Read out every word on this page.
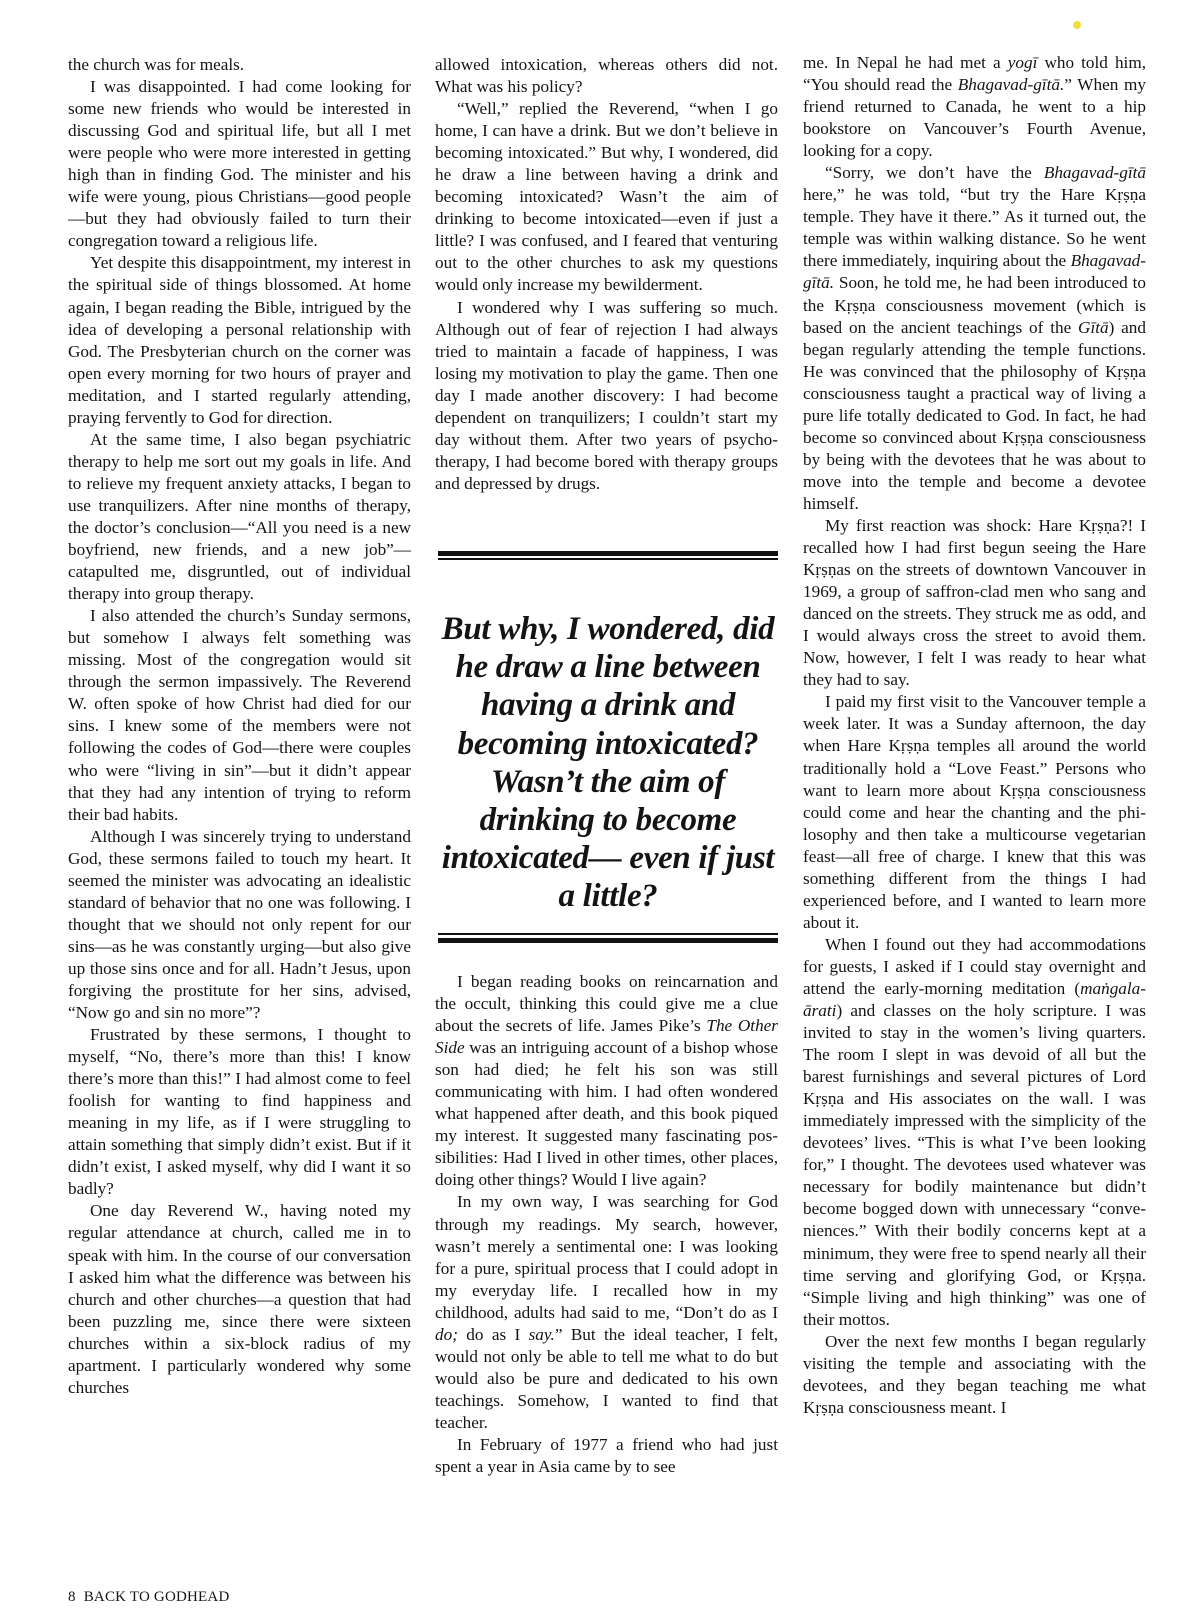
the church was for meals.

I was disappointed. I had come looking for some new friends who would be interested in discussing God and spiritual life, but all I met were people who were more interested in getting high than in finding God. The minister and his wife were young, pious Christians—good people—but they had obviously failed to turn their congregation toward a religious life.

Yet despite this disappointment, my interest in the spiritual side of things blossomed. At home again, I began reading the Bible, intrigued by the idea of developing a personal relationship with God. The Presbyterian church on the corner was open every morning for two hours of prayer and meditation, and I started regularly attending, praying fervently to God for direction.

At the same time, I also began psychiatric therapy to help me sort out my goals in life. And to relieve my frequent anxiety attacks, I began to use tranquilizers. After nine months of therapy, the doctor’s conclusion—“All you need is a new boyfriend, new friends, and a new job”— catapulted me, disgruntled, out of individual therapy into group therapy.

I also attended the church’s Sunday sermons, but somehow I always felt something was missing. Most of the congregation would sit through the sermon impassively. The Reverend W. often spoke of how Christ had died for our sins. I knew some of the members were not following the codes of God—there were couples who were “living in sin”—but it didn’t appear that they had any intention of trying to reform their bad habits.

Although I was sincerely trying to understand God, these sermons failed to touch my heart. It seemed the minister was advocating an idealistic standard of behavior that no one was following. I thought that we should not only repent for our sins—as he was constantly urging—but also give up those sins once and for all. Hadn’t Jesus, upon forgiving the prostitute for her sins, advised, “Now go and sin no more”?

Frustrated by these sermons, I thought to myself, “No, there’s more than this! I know there’s more than this!” I had almost come to feel foolish for wanting to find happiness and meaning in my life, as if I were struggling to attain something that simply didn’t exist. But if it didn’t exist, I asked myself, why did I want it so badly?

One day Reverend W., having noted my regular attendance at church, called me in to speak with him. In the course of our conversation I asked him what the difference was between his church and other churches—a question that had been puzzling me, since there were sixteen churches within a six-block radius of my apartment. I particularly wondered why some churches

allowed intoxication, whereas others did not. What was his policy?

“Well,” replied the Reverend, “when I go home, I can have a drink. But we don’t believe in becoming intoxicated.” But why, I wondered, did he draw a line between having a drink and becoming intoxicated? Wasn’t the aim of drinking to become intoxicated—even if just a little? I was confused, and I feared that venturing out to the other churches to ask my questions would only increase my bewilderment.

I wondered why I was suffering so much. Although out of fear of rejection I had always tried to maintain a facade of happiness, I was losing my motivation to play the game. Then one day I made another discovery: I had become dependent on tranquilizers; I couldn’t start my day without them. After two years of psychotherapy, I had become bored with therapy groups and depressed by drugs.

But why, I wondered, did he draw a line between having a drink and becoming intoxicated? Wasn’t the aim of drinking to become intoxicated— even if just a little?

I began reading books on reincarnation and the occult, thinking this could give me a clue about the secrets of life. James Pike’s The Other Side was an intriguing account of a bishop whose son had died; he felt his son was still communicating with him. I had often wondered what happened after death, and this book piqued my interest. It suggested many fascinating possibilities: Had I lived in other times, other places, doing other things? Would I live again?

In my own way, I was searching for God through my readings. My search, however, wasn’t merely a sentimental one: I was looking for a pure, spiritual process that I could adopt in my everyday life. I recalled how in my childhood, adults had said to me, “Don’t do as I do; do as I say.” But the ideal teacher, I felt, would not only be able to tell me what to do but would also be pure and dedicated to his own teachings. Somehow, I wanted to find that teacher.

In February of 1977 a friend who had just spent a year in Asia came by to see

me. In Nepal he had met a yogī who told him, “You should read the Bhagavad-gītā.” When my friend returned to Canada, he went to a hip bookstore on Vancouver’s Fourth Avenue, looking for a copy.

“Sorry, we don’t have the Bhagavad-gītā here,” he was told, “but try the Hare Kṛṣṇa temple. They have it there.” As it turned out, the temple was within walking distance. So he went there immediately, inquiring about the Bhagavad-gītā. Soon, he told me, he had been introduced to the Kṛṣṇa consciousness movement (which is based on the ancient teachings of the Gītā) and began regularly attending the temple functions. He was convinced that the philosophy of Kṛṣṇa consciousness taught a practical way of living a pure life totally dedicated to God. In fact, he had become so convinced about Kṛṣṇa consciousness by being with the devotees that he was about to move into the temple and become a devotee himself.

My first reaction was shock: Hare Kṛṣṇa?! I recalled how I had first begun seeing the Hare Kṛṣṇas on the streets of downtown Vancouver in 1969, a group of saffron-clad men who sang and danced on the streets. They struck me as odd, and I would always cross the street to avoid them. Now, however, I felt I was ready to hear what they had to say.

I paid my first visit to the Vancouver temple a week later. It was a Sunday afternoon, the day when Hare Kṛṣṇa temples all around the world traditionally hold a “Love Feast.” Persons who want to learn more about Kṛṣṇa consciousness could come and hear the chanting and the philosophy and then take a multicourse vegetarian feast—all free of charge. I knew that this was something different from the things I had experienced before, and I wanted to learn more about it.

When I found out they had accommodations for guests, I asked if I could stay overnight and attend the early-morning meditation (maṅgala-ārati) and classes on the holy scripture. I was invited to stay in the women’s living quarters. The room I slept in was devoid of all but the barest furnishings and several pictures of Lord Kṛṣṇa and His associates on the wall. I was immediately impressed with the simplicity of the devotees’ lives. “This is what I’ve been looking for,” I thought. The devotees used whatever was necessary for bodily maintenance but didn’t become bogged down with unnecessary “conveniences.” With their bodily concerns kept at a minimum, they were free to spend nearly all their time serving and glorifying God, or Kṛṣṇa. “Simple living and high thinking” was one of their mottos.

Over the next few months I began regularly visiting the temple and associating with the devotees, and they began teaching me what Kṛṣṇa consciousness meant. I

8 BACK TO GODHEAD
